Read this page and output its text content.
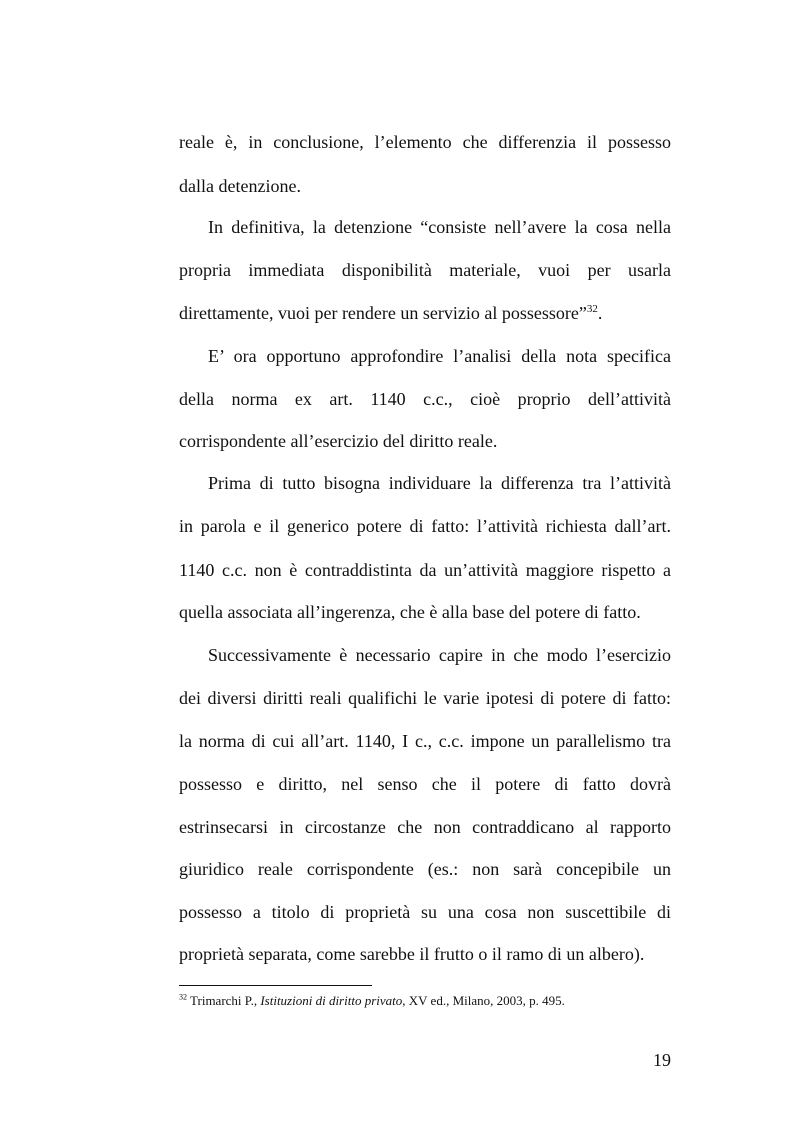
reale è, in conclusione, l’elemento che differenzia il possesso
dalla detenzione.
In definitiva, la detenzione “consiste nell’avere la cosa nella
propria immediata disponibilità materiale, vuoi per usarla
direttamente, vuoi per rendere un servizio al possessore”$^{32}$.
E’ ora opportuno approfondire l’analisi della nota specifica
della norma ex art. 1140 c.c., cioè proprio dell’attività
corrispondente all’esercizio del diritto reale.
Prima di tutto bisogna individuare la differenza tra l’attività
in parola e il generico potere di fatto: l’attività richiesta dall’art.
1140 c.c. non è contraddistinta da un’attività maggiore rispetto a
quella associata all’ingerenza, che è alla base del potere di fatto.
Successivamente è necessario capire in che modo l’esercizio
dei diversi diritti reali qualifichi le varie ipotesi di potere di fatto:
la norma di cui all’art. 1140, I c., c.c. impone un parallelismo tra
possesso e diritto, nel senso che il potere di fatto dovrà
estrinsecarsi in circostanze che non contraddicano al rapporto
giuridico reale corrispondente (es.: non sarà concepibile un
possesso a titolo di proprietà su una cosa non suscettibile di
proprietà separata, come sarebbe il frutto o il ramo di un albero).
$^{32}$ Trimarchi P., Istituzioni di diritto privato, XV ed., Milano, 2003, p. 495.
19
